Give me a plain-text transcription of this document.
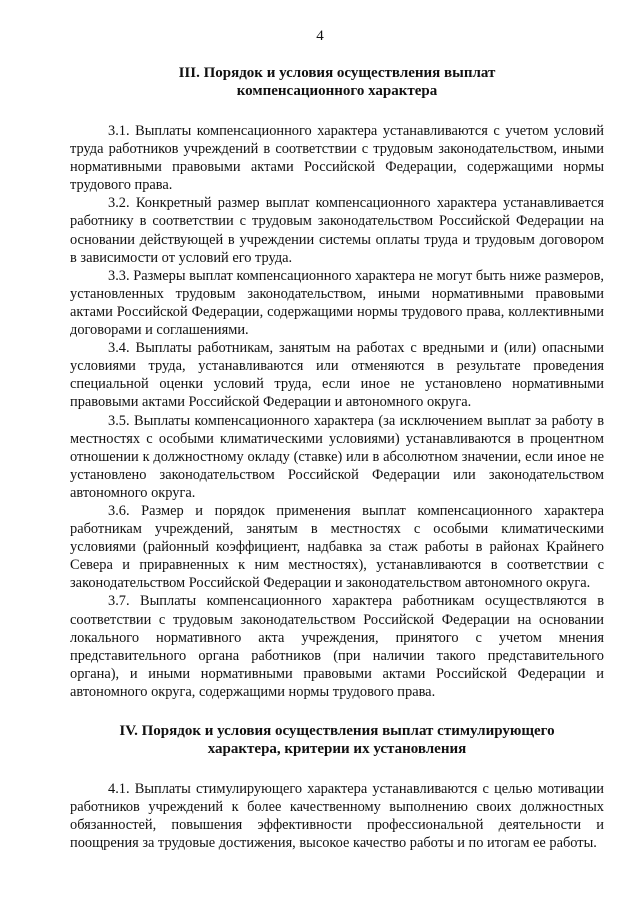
4
III. Порядок и условия осуществления выплат
компенсационного характера

3.1. Выплаты компенсационного характера устанавливаются с учетом условий труда работников учреждений в соответствии с трудовым законодательством, иными нормативными правовыми актами Российской Федерации, содержащими нормы трудового права.

3.2. Конкретный размер выплат компенсационного характера устанавливается работнику в соответствии с трудовым законодательством Российской Федерации на основании действующей в учреждении системы оплаты труда и трудовым договором в зависимости от условий его труда.

3.3. Размеры выплат компенсационного характера не могут быть ниже размеров, установленных трудовым законодательством, иными нормативными правовыми актами Российской Федерации, содержащими нормы трудового права, коллективными договорами и соглашениями.

3.4. Выплаты работникам, занятым на работах с вредными и (или) опасными условиями труда, устанавливаются или отменяются в результате проведения специальной оценки условий труда, если иное не установлено нормативными правовыми актами Российской Федерации и автономного округа.

3.5. Выплаты компенсационного характера (за исключением выплат за работу в местностях с особыми климатическими условиями) устанавливаются в процентном отношении к должностному окладу (ставке) или в абсолютном значении, если иное не установлено законодательством Российской Федерации или законодательством автономного округа.

3.6. Размер и порядок применения выплат компенсационного характера работникам учреждений, занятым в местностях с особыми климатическими условиями (районный коэффициент, надбавка за стаж работы в районах Крайнего Севера и приравненных к ним местностях), устанавливаются в соответствии с законодательством Российской Федерации и законодательством автономного округа.

3.7. Выплаты компенсационного характера работникам осуществляются в соответствии с трудовым законодательством Российской Федерации на основании локального нормативного акта учреждения, принятого с учетом мнения представительного органа работников (при наличии такого представительного органа), и иными нормативными правовыми актами Российской Федерации и автономного округа, содержащими нормы трудового права.

IV. Порядок и условия осуществления выплат стимулирующего
характера, критерии их установления

4.1. Выплаты стимулирующего характера устанавливаются с целью мотивации работников учреждений к более качественному выполнению своих должностных обязанностей, повышения эффективности профессиональной деятельности и поощрения за трудовые достижения, высокое качество работы и по итогам ее работы.
